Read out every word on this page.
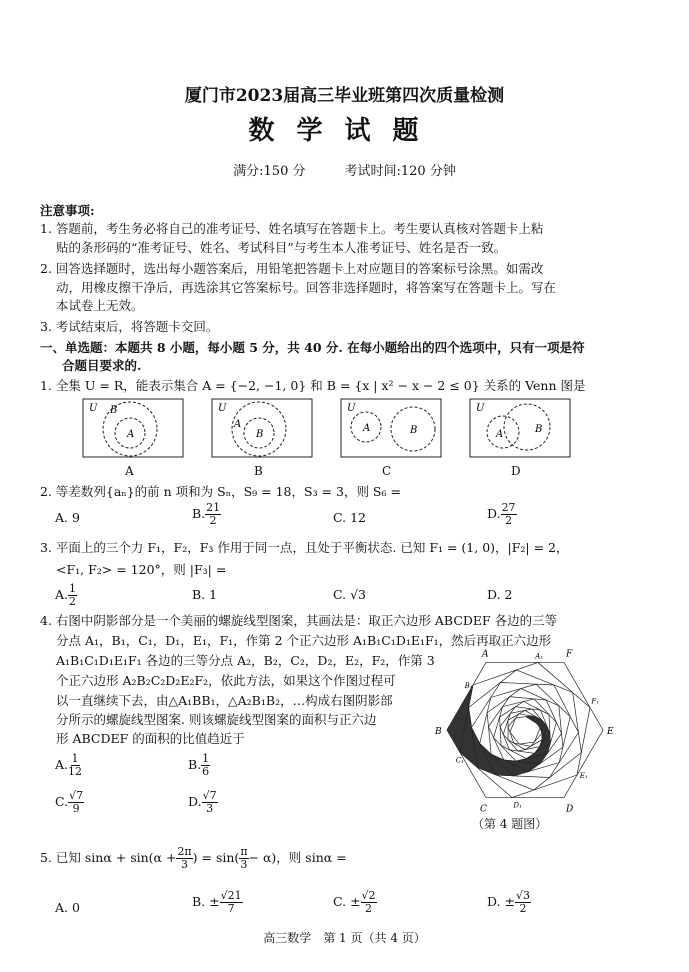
厦门市2023届高三毕业班第四次质量检测
数学试题
满分:150 分　　　	考试时间:120 分钟
注意事项:
1. 答题前，考生务必将自己的准考证号、姓名填写在答题卡上。考生要认真核对答题卡上粘
贴的条形码的“准考证号、姓名、考试科目”与考生本人准考证号、姓名是否一致。
2. 回答选择题时，选出每小题答案后，用铅笔把答题卡上对应题目的答案标号涂黑。如需改
动，用橡皮擦干净后，再选涂其它答案标号。回答非选择题时，将答案写在答题卡上。写在
本试卷上无效。
3. 考试结束后，将答题卡交回。
一、单选题：本题共 8 小题，每小题 5 分，共 40 分. 在每小题给出的四个选项中，只有一项是符
合题目要求的.
1. 全集 U = R，能表示集合 A = {−2, −1, 0} 和 B = {x | x² − x − 2 ≤ 0} 关系的 Venn 图是
U B
A
U
A
B
U
A	B
U
A	B
A	B	C	D
2. 等差数列{aₙ}的前 n 项和为 Sₙ，S₉ = 18，S₃ = 3，则 S₆ =
A. 9	B. $\frac{21}{2}$	C. 12	D. $\frac{27}{2}$
3. 平面上的三个力 F₁，F₂，F₃ 作用于同一点，且处于平衡状态. 已知 F₁ = (1, 0)，|F₂| = 2，
<F₁, F₂> = 120°，则 |F₃| =
A. $\frac{1}{2}$	B. 1	C. √3	D. 2
4. 右图中阴影部分是一个美丽的螺旋线型图案，其画法是：取正六边形 ABCDEF 各边的三等
分点 A₁，B₁，C₁，D₁，E₁，F₁，作第 2 个正六边形 A₁B₁C₁D₁E₁F₁，然后再取正六边形
A₁B₁C₁D₁E₁F₁ 各边的三等分点 A₂，B₂，C₂，D₂，E₂，F₂，作第 3
个正六边形 A₂B₂C₂D₂E₂F₂，依此方法，如果这个作图过程可
以一直继续下去，由△A₁BB₁，△A₂B₁B₂，…构成右图阴影部
分所示的螺旋线型图案. 则该螺旋线型图案的面积与正六边
形 ABCDEF 的面积的比值趋近于
A. $\frac{1}{12}$	B. $\frac{1}{6}$
C. $\frac{√7}{9}$	D. $\frac{√7}{3}$
A
B
C	D
E
F
B₁
C₁
D₁
E₁
F₁
A₁
（第 4 题图）
5. 已知 $\sin\alpha + \sin(\alpha + \frac{2\pi}{3}$ ) = $\sin( \frac{\pi}{3} - \alpha)$，则 sinα =
A. 0	B. ± $\frac{√21}{7}$	C. ± $\frac{√2}{2}$	D. ± $\frac{√3}{2}$
高三数学　第 1 页（共 4 页）
